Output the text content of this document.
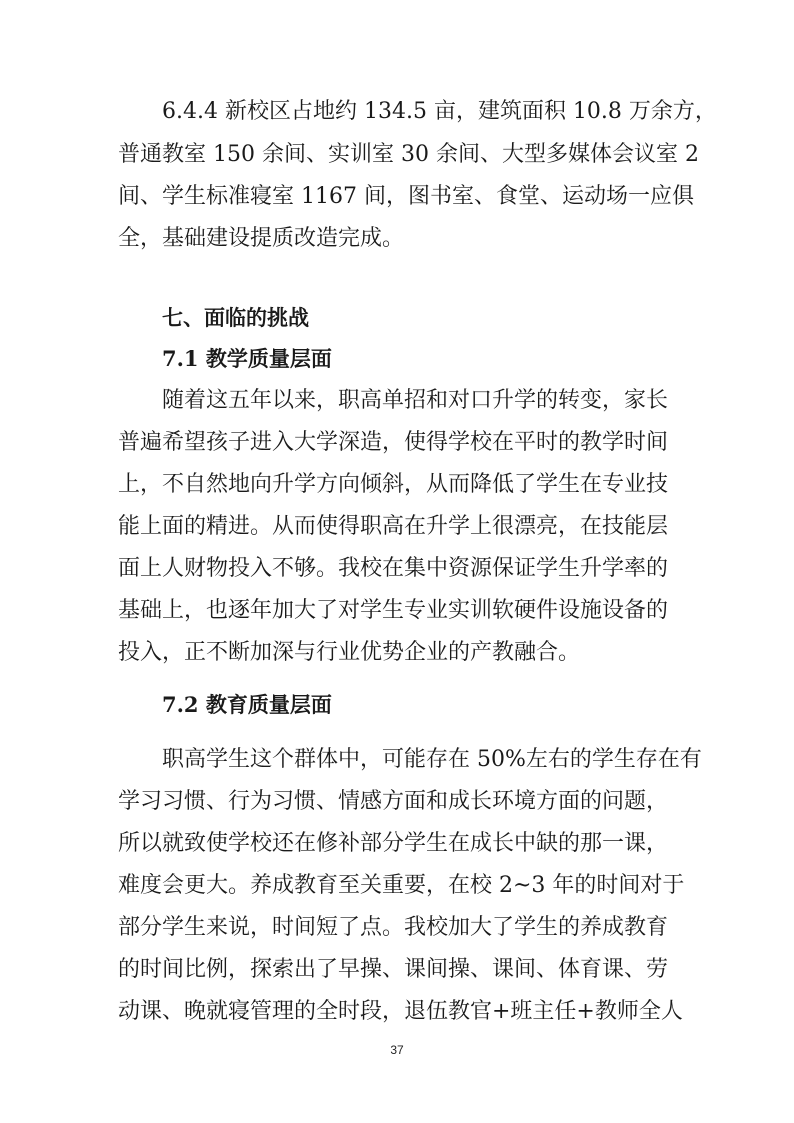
6.4.4 新校区占地约 134.5 亩，建筑面积 10.8 万余方，
普通教室 150 余间、实训室 30 余间、大型多媒体会议室 2
间、学生标准寝室 1167 间，图书室、食堂、运动场一应俱
全，基础建设提质改造完成。
七、面临的挑战
7.1 教学质量层面
随着这五年以来，职高单招和对口升学的转变，家长
普遍希望孩子进入大学深造，使得学校在平时的教学时间
上，不自然地向升学方向倾斜，从而降低了学生在专业技
能上面的精进。从而使得职高在升学上很漂亮，在技能层
面上人财物投入不够。我校在集中资源保证学生升学率的
基础上，也逐年加大了对学生专业实训软硬件设施设备的
投入，正不断加深与行业优势企业的产教融合。
7.2 教育质量层面
职高学生这个群体中，可能存在 50%左右的学生存在有
学习习惯、行为习惯、情感方面和成长环境方面的问题，
所以就致使学校还在修补部分学生在成长中缺的那一课，
难度会更大。养成教育至关重要，在校 2~3 年的时间对于
部分学生来说，时间短了点。我校加大了学生的养成教育
的时间比例，探索出了早操、课间操、课间、体育课、劳
动课、晚就寝管理的全时段，退伍教官+班主任+教师全人
37
